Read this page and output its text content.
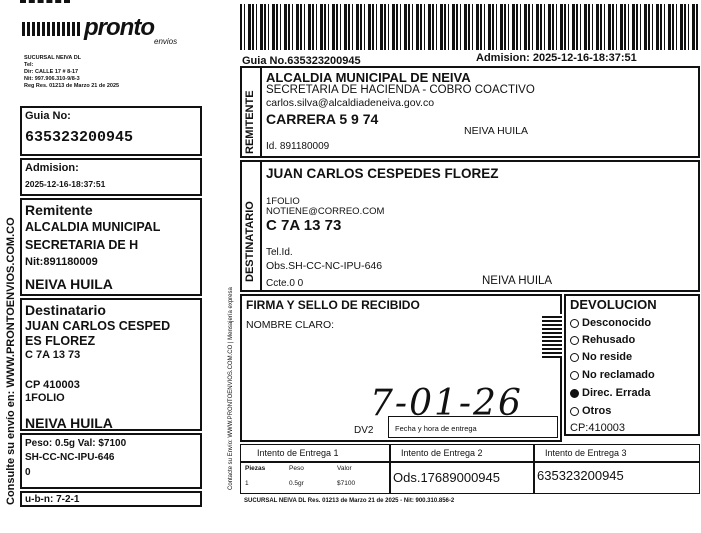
pronto
envios
SUCURSAL NEIVA DL
Tel:
Dir: CALLE 17 # 8-17
Nit: 997.906.310-9/8-3
Reg Res. 01213 de Marzo 21 de 2025
Guia No:
635323200945
Admision:
2025-12-16-18:37:51
Remitente
ALCALDIA MUNICIPAL
SECRETARIA DE H
Nit:891180009
NEIVA HUILA
Destinatario
JUAN CARLOS CESPED
ES FLOREZ
C 7A 13 73
CP 410003
1FOLIO
NEIVA HUILA
Peso: 0.5g Val: $7100
SH-CC-NC-IPU-646
0
u-b-n: 7-2-1
Consulte su envío en: WWW.PRONTOENVIOS.COM.CO
Guia No.635323200945	Admision: 2025-12-16-18:37:51
REMITENTE
ALCALDIA MUNICIPAL DE NEIVA
SECRETARIA DE HACIENDA - COBRO COACTIVO
carlos.silva@alcaldiadeneiva.gov.co
CARRERA 5 9 74
NEIVA HUILA
Id. 891180009
DESTINATARIO
JUAN CARLOS CESPEDES FLOREZ
1FOLIO
NOTIENE@CORREO.COM
C 7A 13 73
Tel.Id.
Obs.SH-CC-NC-IPU-646
Ccte.0 0	NEIVA HUILA
FIRMA Y SELLO DE RECIBIDO
NOMBRE CLARO:
7-01-26
DV2	Fecha y hora de entrega
DEVOLUCION
Desconocido
Rehusado
No reside
No reclamado
Direc. Errada
Otros
CP:410003
Intento de Entrega 1	Intento de Entrega 2	Intento de Entrega 3
Piezas	Peso	Valor
1	0.5gr	$7100	Ods.17689000945	635323200945
SUCURSAL NEIVA DL Res. 01213 de Marzo 21 de 2025 - Nit: 900.310.856-2
Contacte su Envío: WWW.PRONTOENVIOS.COM.CO | Mensajería expresa
